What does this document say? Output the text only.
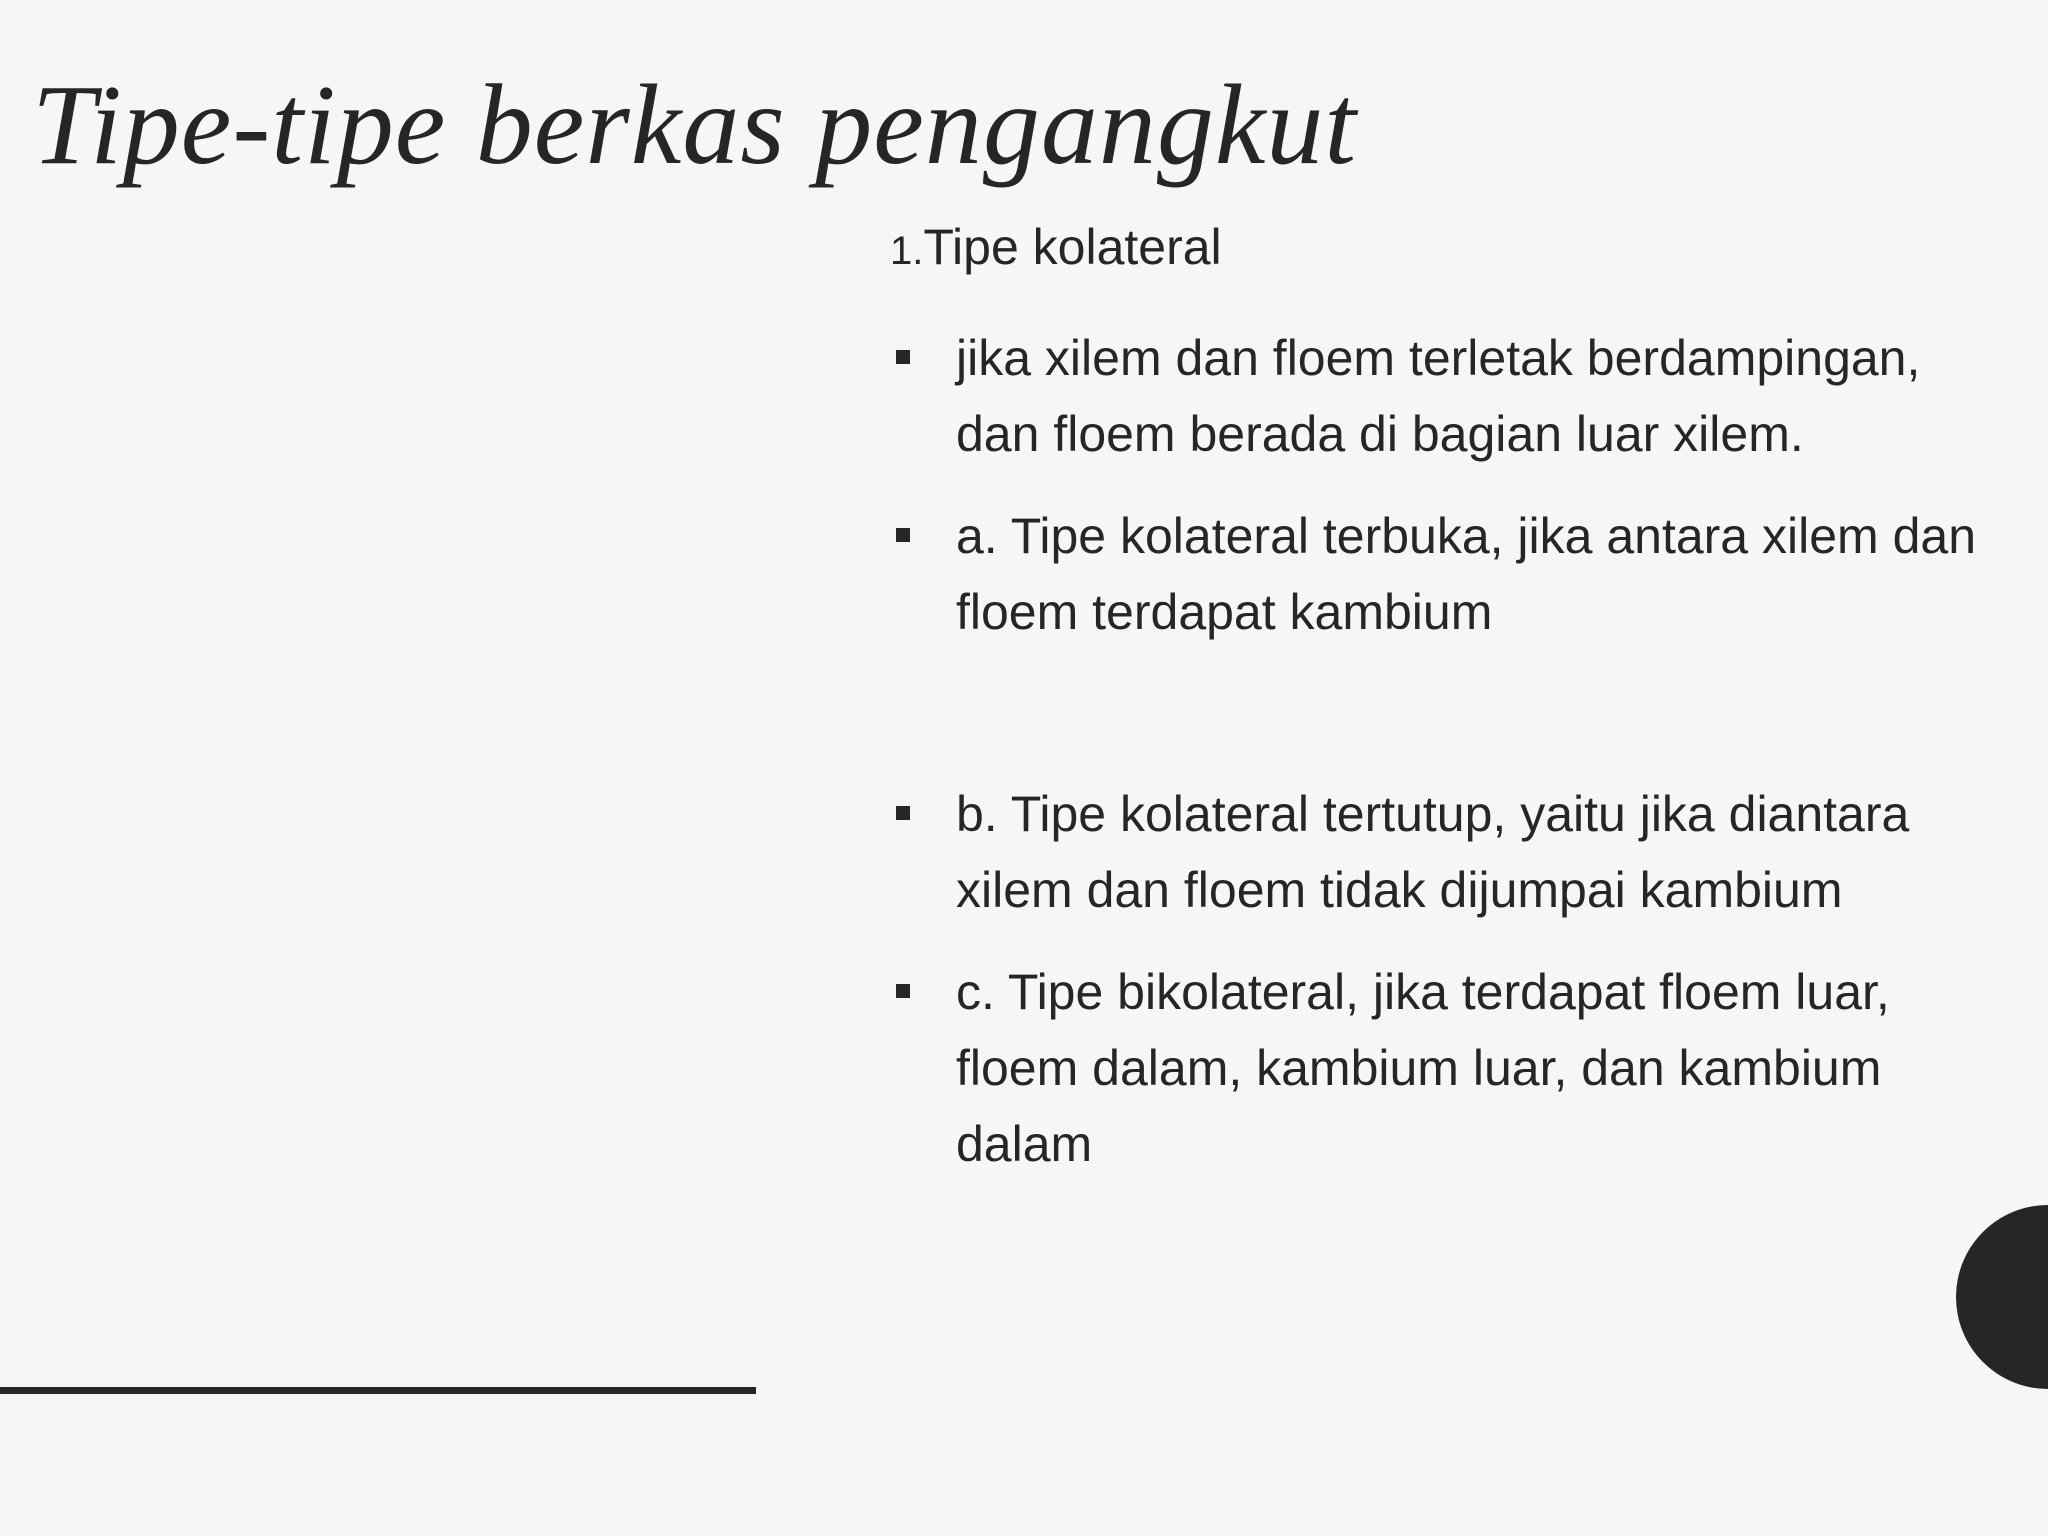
Tipe-tipe berkas pengangkut

1.Tipe kolateral

jika xilem dan floem terletak berdampingan, dan floem berada di bagian luar xilem.
a. Tipe kolateral terbuka, jika antara xilem dan floem terdapat kambium
b. Tipe kolateral tertutup, yaitu jika diantara xilem dan floem tidak dijumpai kambium
c. Tipe bikolateral, jika terdapat floem luar, floem dalam, kambium luar, dan kambium dalam
